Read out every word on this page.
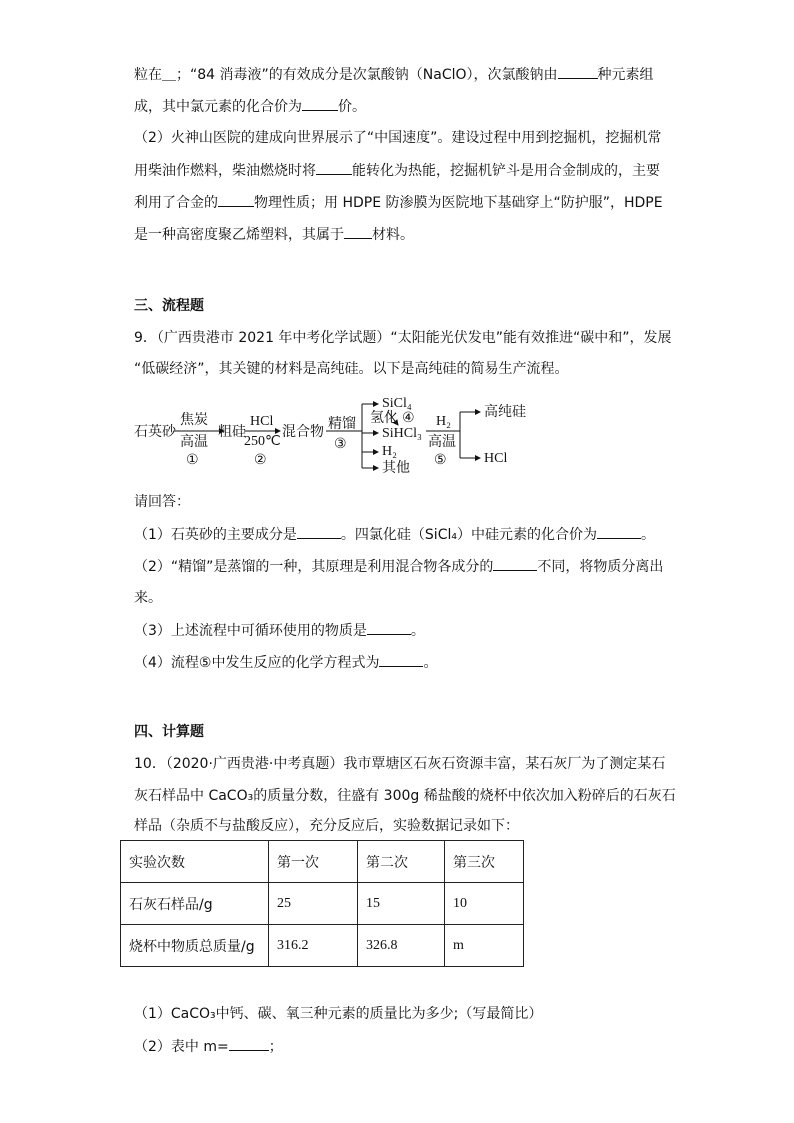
粒在＿；“84 消毒液”的有效成分是次氯酸钠（NaClO），次氯酸钠由	种元素组
成，其中氯元素的化合价为	价。
（2）火神山医院的建成向世界展示了“中国速度”。建设过程中用到挖掘机，挖掘机常
用柴油作燃料，柴油燃烧时将	能转化为热能，挖掘机铲斗是用合金制成的，主要
利用了合金的	物理性质；用 HDPE 防渗膜为医院地下基础穿上“防护服”，HDPE
是一种高密度聚乙烯塑料，其属于 材料。
三、流程题
9．（广西贵港市 2021 年中考化学试题）“太阳能光伏发电”能有效推进“碳中和”，发展
“低碳经济”，其关键的材料是高纯硅。以下是高纯硅的简易生产流程。
石英砂
焦炭
高温
①
粗硅
HCl
250℃
②
混合物 精馏
③
SiCl₄
氢化 ④
SiHCl₃
H₂
其他
H₂
高温
⑤
高纯硅
HCl
请回答：
（1）石英砂的主要成分是	。四氯化硅（SiCl₄）中硅元素的化合价为	。
（2）“精馏”是蒸馏的一种，其原理是利用混合物各成分的	不同，将物质分离出
来。
（3）上述流程中可循环使用的物质是	。
（4）流程⑤中发生反应的化学方程式为	。
四、计算题
10．（2020·广西贵港·中考真题）我市覃塘区石灰石资源丰富，某石灰厂为了测定某石
灰石样品中 CaCO₃的质量分数，往盛有 300g 稀盐酸的烧杯中依次加入粉碎后的石灰石
样品（杂质不与盐酸反应），充分反应后，实验数据记录如下：
实验次数	第一次	第二次	第三次
石灰石样品/g	25	15	10
烧杯中物质总质量/g	316.2	326.8	m
（1）CaCO₃中钙、碳、氧三种元素的质量比为多少;（写最简比）
（2）表中 m=	；
